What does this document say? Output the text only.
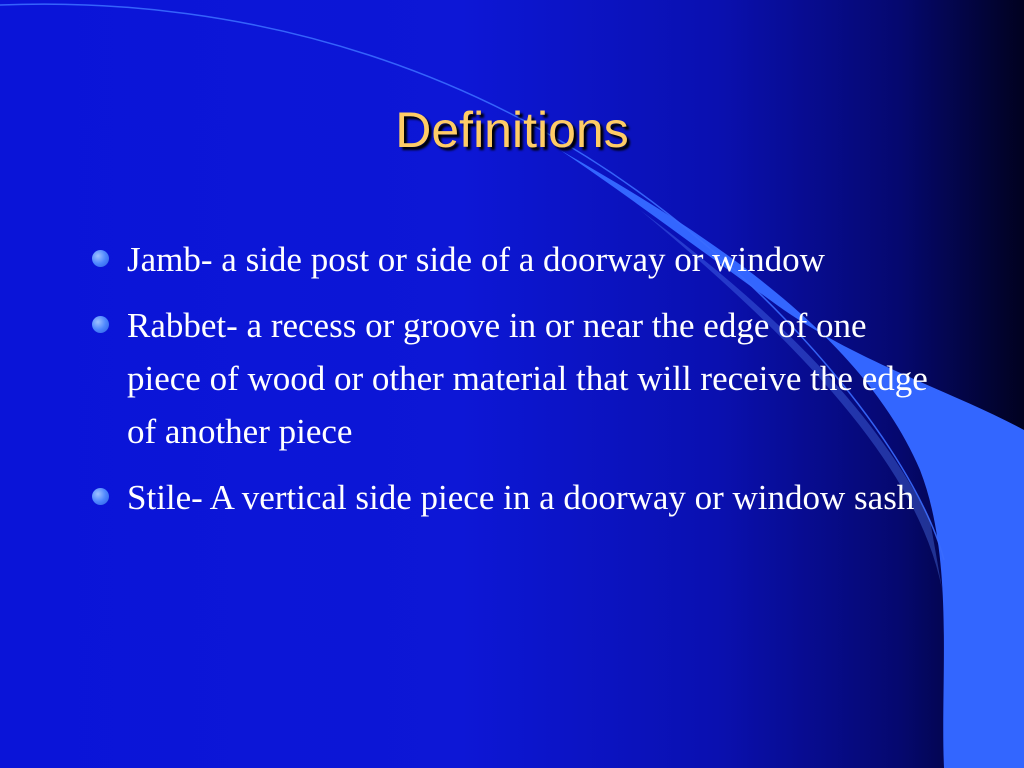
Definitions
Jamb- a side post or side of a doorway or window
Rabbet- a recess or groove in or near the edge of one piece of wood or other material that will receive the edge of another piece
Stile- A vertical side piece in a doorway or window sash
